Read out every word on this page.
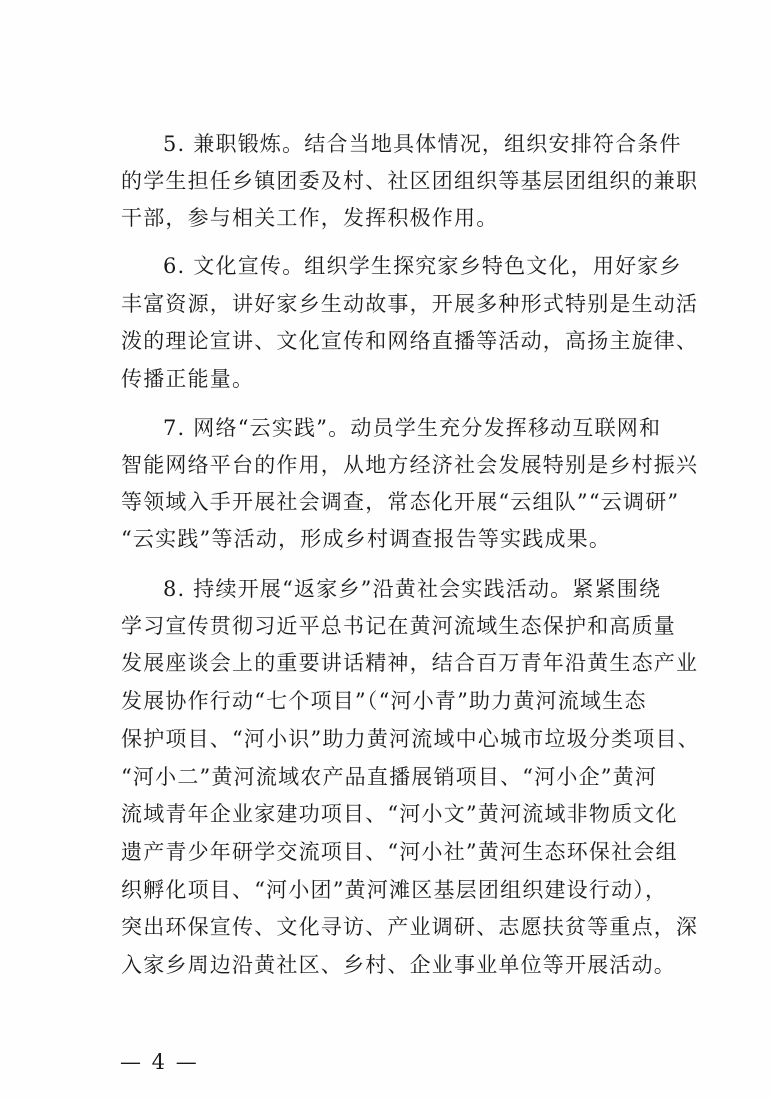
5. 兼职锻炼。结合当地具体情况，组织安排符合条件

的学生担任乡镇团委及村、社区团组织等基层团组织的兼职

干部，参与相关工作，发挥积极作用。

6. 文化宣传。组织学生探究家乡特色文化，用好家乡

丰富资源，讲好家乡生动故事，开展多种形式特别是生动活

泼的理论宣讲、文化宣传和网络直播等活动，高扬主旋律、

传播正能量。

7. 网络“云实践”。动员学生充分发挥移动互联网和

智能网络平台的作用，从地方经济社会发展特别是乡村振兴

等领域入手开展社会调查，常态化开展“云组队”“云调研”

“云实践”等活动，形成乡村调查报告等实践成果。

8. 持续开展“返家乡”沿黄社会实践活动。紧紧围绕

学习宣传贯彻习近平总书记在黄河流域生态保护和高质量

发展座谈会上的重要讲话精神，结合百万青年沿黄生态产业

发展协作行动“七个项目”（“河小青”助力黄河流域生态

保护项目、“河小识”助力黄河流域中心城市垃圾分类项目、

“河小二”黄河流域农产品直播展销项目、“河小企”黄河

流域青年企业家建功项目、“河小文”黄河流域非物质文化

遗产青少年研学交流项目、“河小社”黄河生态环保社会组

织孵化项目、“河小团”黄河滩区基层团组织建设行动），

突出环保宣传、文化寻访、产业调研、志愿扶贫等重点，深

入家乡周边沿黄社区、乡村、企业事业单位等开展活动。

— 4 —
